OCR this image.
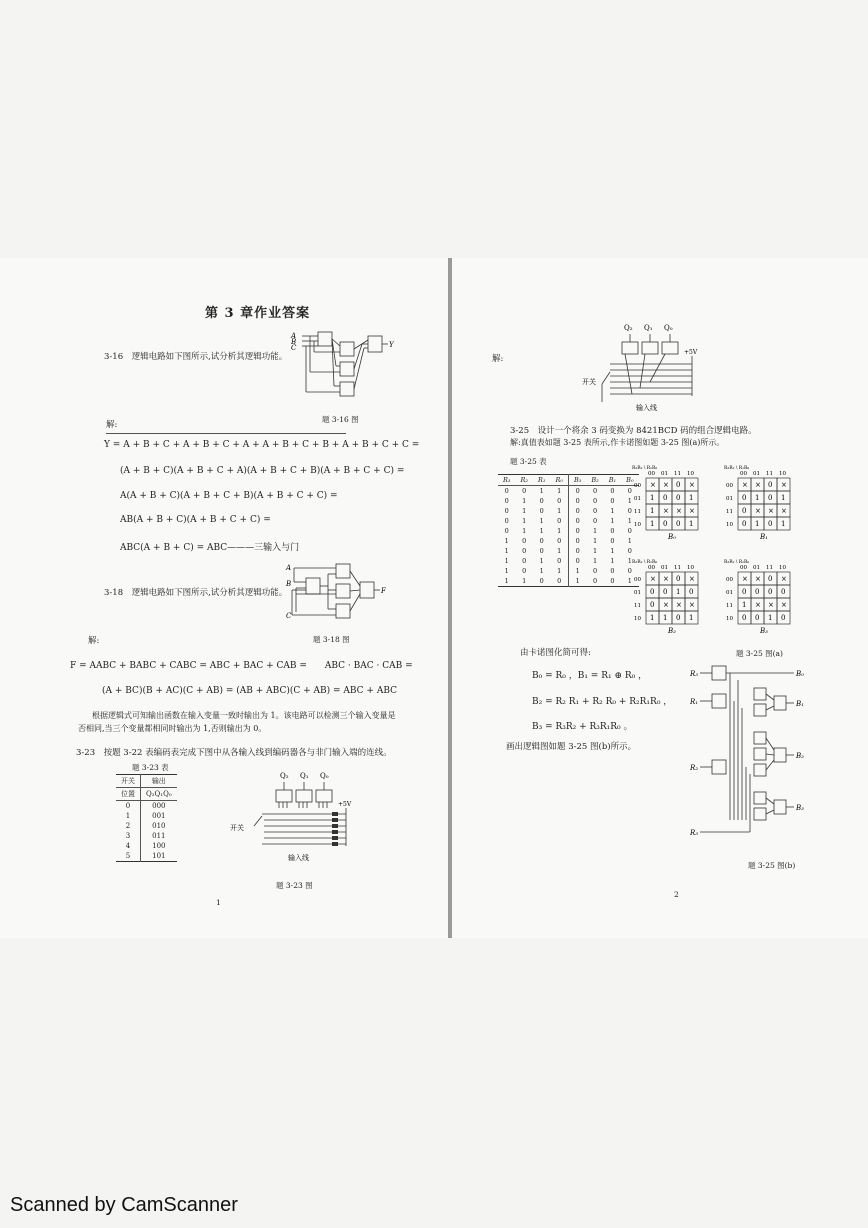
第 3 章作业答案
3-16　逻辑电路如下图所示,试分析其逻辑功能。
A
B
C	Y
题 3-16 图
解:
Y = A + B + C + A + B + C + A + A + B + C + B + A + B + C + C =
(A + B + C)(A + B + C + A)(A + B + C + B)(A + B + C + C) =
A(A + B + C)(A + B + C + B)(A + B + C + C) =
AB(A + B + C)(A + B + C + C) =
ABC(A + B + C) = ABC———三输入与门
3-18　逻辑电路如下图所示,试分析其逻辑功能。
A
B
C
F
题 3-18 图
解:
F = AABC + BABC + CABC = ABC + BAC + CAB =　　ABC · BAC · CAB =
(A + BC)(B + AC)(C + AB) = (AB + ABC)(C + AB) = ABC + ABC
根据逻辑式可知输出函数在输入变量一致时输出为 1。该电路可以检测三个输入变量是
否相同,当三个变量都相同时输出为 1,否则输出为 0。
3-23　按题 3-22 表编码表完成下图中从各输入线到编码器各与非门输入端的连线。
题 3-23 表
开关	输出
位置	Q₂Q₁Q₀
0	000
1	001
2	010
3	011
4	100
5	101
Q₂ Q₁ Q₀
+5V
开关
输入线
题 3-23 图
1
解:
Q₂ Q₁ Q₀
+5V
开关
输入线
3-25　设计一个将余 3 码变换为 8421BCD 码的组合逻辑电路。
解:真值表如题 3-25 表所示,作卡诺图如题 3-25 图(a)所示。
题 3-25 表
R₃	R₂	R₁	R₀	B₃	B₂	B₁	B₀
0	0	1	1	0	0	0	0
0	1	0	0	0	0	0	1
0	1	0	1	0	0	1	0
0	1	1	0	0	0	1	1
0	1	1	1	0	1	0	0
1	0	0	0	0	1	0	1
1	0	0	1	0	1	1	0
1	0	1	0	0	1	1	1
1	0	1	1	1	0	0	0
1	1	0	0	1	0	0	1
00 01 11 10
R₃R₂ \ R₁R₀
00 × × 0 ×
01 1 0 0 1
11 1 × × ×
10 1 0 0 1
B₀
00 01 11 10
R₃R₂ \ R₁R₀
00 × × 0 ×
01 0 1 0 1
11 0 × × ×
10 0 1 0 1
B₁
00 01 11 10
R₃R₂ \ R₁R₀
00 × × 0 ×
01 0 0 1 0
11 0 × × ×
10 1 1 0 1
B₂
00 01 11 10
R₃R₂ \ R₁R₀
00 × × 0 ×
01 0 0 0 0
11 1 × × ×
10 0 0 1 0
B₃
题 3-25 图(a)
由卡诺图化简可得:
B₀ = R₀ ，B₁ = R₁ ⊕ R₀ ，
B₂ = R₂ R₁ + R₂ R₀ + R₂R₁R₀ ，
B₃ = R₃R₂ + R₃R₁R₀ 。
画出逻辑图如题 3-25 图(b)所示。
R₃
R₁
R₂
R₃
B₀
B₁
B₂
B₃
题 3-25 图(b)
2
Scanned by CamScanner
